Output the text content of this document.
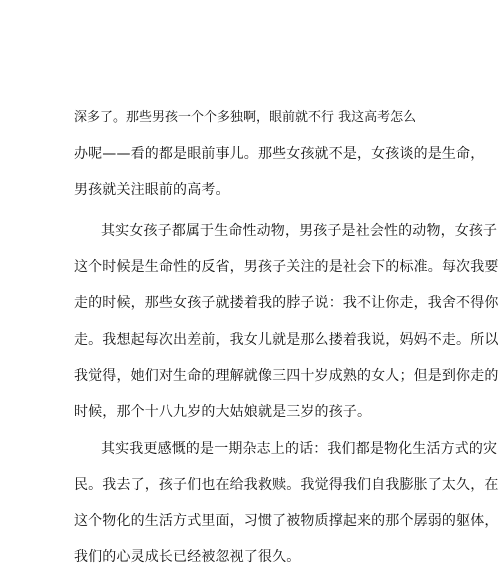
深多了。那些男孩一个个多独啊，眼前就不行 我这高考怎么
办呢——看的都是眼前事儿。那些女孩就不是，女孩谈的是生命，
男孩就关注眼前的高考。
其实女孩子都属于生命性动物，男孩子是社会性的动物，女孩子
这个时候是生命性的反省，男孩子关注的是社会下的标准。每次我要
走的时候，那些女孩子就搂着我的脖子说：我不让你走，我舍不得你
走。我想起每次出差前，我女儿就是那么搂着我说，妈妈不走。所以
我觉得，她们对生命的理解就像三四十岁成熟的女人；但是到你走的
时候，那个十八九岁的大姑娘就是三岁的孩子。
其实我更感慨的是一期杂志上的话：我们都是物化生活方式的灾
民。我去了，孩子们也在给我救赎。我觉得我们自我膨胀了太久，在
这个物化的生活方式里面，习惯了被物质撑起来的那个孱弱的躯体，
我们的心灵成长已经被忽视了很久。
